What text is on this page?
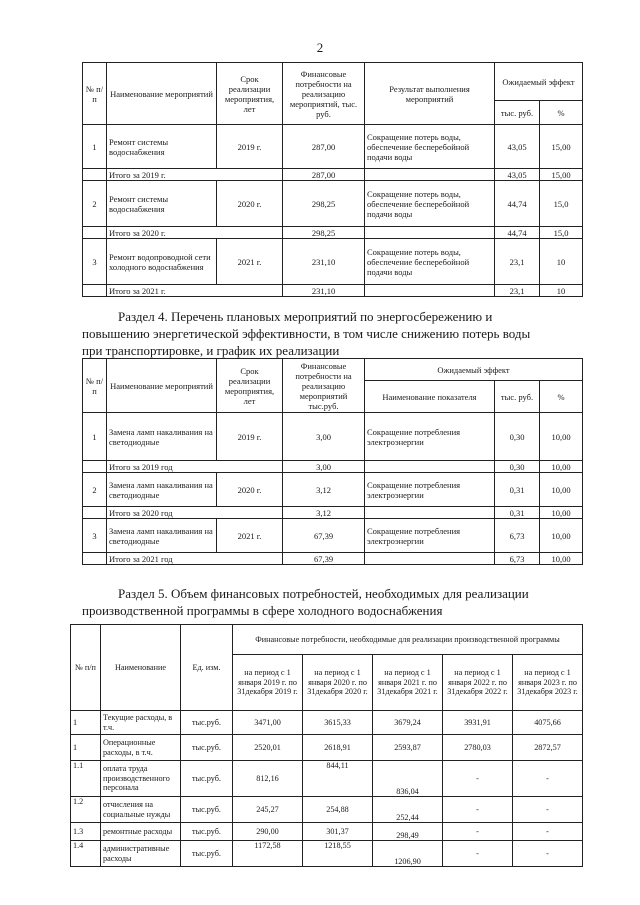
2
№ п/п	Наименование мероприятий	Срок реализации мероприятия, лет	Финансовые потребности на реализацию мероприятий, тыс. руб.	Результат выполнения мероприятий	Ожидаемый эффект	
					тыс. руб.	%
1	Ремонт системы водоснабжения	2019 г.	287,00	Сокращение потерь воды, обеспечение бесперебойной подачи воды	43,05	15,00
	Итого за 2019 г.		287,00		43,05	15,00
2	Ремонт системы водоснабжения	2020 г.	298,25	Сокращение потерь воды, обеспечение бесперебойной подачи воды	44,74	15,0
	Итого за 2020 г.		298,25		44,74	15,0
3	Ремонт водопроводной сети холодного водоснабжения	2021 г.	231,10	Сокращение потерь воды, обеспечение бесперебойной подачи воды	23,1	10
	Итого за 2021 г.		231,10		23,1	10
Раздел 4. Перечень плановых мероприятий по энергосбережению и
повышению энергетической эффективности, в том числе снижению потерь воды
при транспортировке, и график их реализации
№ п/п	Наименование мероприятий	Срок реализации мероприятия, лет	Финансовые потребности на реализацию мероприятий тыс.руб.	Ожидаемый эффект		
				Наименование показателя	тыс. руб.	%
1	Замена ламп накаливания на светодиодные	2019 г.	3,00	Сокращение потребления электроэнергии	0,30	10,00
	Итого за 2019 год		3,00		0,30	10,00
2	Замена ламп накаливания на светодиодные	2020 г.	3,12	Сокращение потребления электроэнергии	0,31	10,00
	Итого за 2020 год		3,12		0,31	10,00
3	Замена ламп накаливания на светодиодные	2021 г.	67,39	Сокращение потребления электроэнергии	6,73	10,00
	Итого за 2021 год		67,39		6,73	10,00
Раздел 5. Объем финансовых потребностей, необходимых для реализации
производственной программы в сфере холодного водоснабжения
№ п/п	Наименование	Ед. изм.	Финансовые потребности, необходимые для реализации производственной программы				
			на период с 1 января 2019 г. по 31декабря 2019 г.	на период с 1 января 2020 г. по 31декабря 2020 г.	на период с 1 января 2021 г. по 31декабря 2021 г.	на период с 1 января 2022 г. по 31декабря 2022 г.	на период с 1 января 2023 г. по 31декабря 2023 г.
1	Текущие расходы, в т.ч.	тыс.руб.	3471,00	3615,33	3679,24	3931,91	4075,66
1	Операционные расходы, в т.ч.	тыс.руб.	2520,01	2618,91	2593,87	2780,03	2872,57
1.1	оплата труда производственного персонала	тыс.руб.	812,16	844,11	836,04	-	-
1.2	отчисления на социальные нужды	тыс.руб.	245,27	254,88	252,44	-	-
1.3	ремонтные расходы	тыс.руб.	290,00	301,37	298,49	-	-
1.4	административные расходы	тыс.руб.	1172,58	1218,55	1206,90	-	-
